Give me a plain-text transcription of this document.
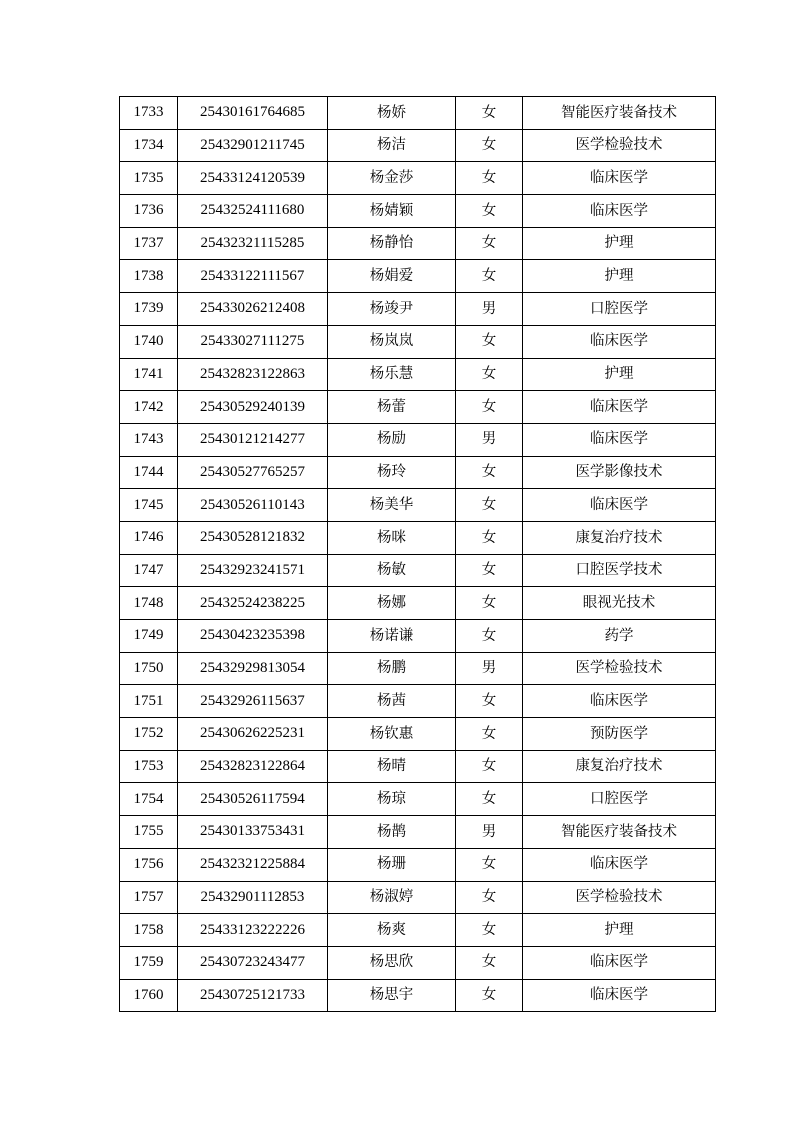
1733	25430161764685	杨娇	女	智能医疗装备技术
1734	25432901211745	杨洁	女	医学检验技术
1735	25433124120539	杨金莎	女	临床医学
1736	25432524111680	杨婧颖	女	临床医学
1737	25432321115285	杨静怡	女	护理
1738	25433122111567	杨娟爱	女	护理
1739	25433026212408	杨竣尹	男	口腔医学
1740	25433027111275	杨岚岚	女	临床医学
1741	25432823122863	杨乐慧	女	护理
1742	25430529240139	杨蕾	女	临床医学
1743	25430121214277	杨励	男	临床医学
1744	25430527765257	杨玲	女	医学影像技术
1745	25430526110143	杨美华	女	临床医学
1746	25430528121832	杨咪	女	康复治疗技术
1747	25432923241571	杨敏	女	口腔医学技术
1748	25432524238225	杨娜	女	眼视光技术
1749	25430423235398	杨诺谦	女	药学
1750	25432929813054	杨鹏	男	医学检验技术
1751	25432926115637	杨茜	女	临床医学
1752	25430626225231	杨钦惠	女	预防医学
1753	25432823122864	杨晴	女	康复治疗技术
1754	25430526117594	杨琼	女	口腔医学
1755	25430133753431	杨鹊	男	智能医疗装备技术
1756	25432321225884	杨珊	女	临床医学
1757	25432901112853	杨淑婷	女	医学检验技术
1758	25433123222226	杨爽	女	护理
1759	25430723243477	杨思欣	女	临床医学
1760	25430725121733	杨思宇	女	临床医学
